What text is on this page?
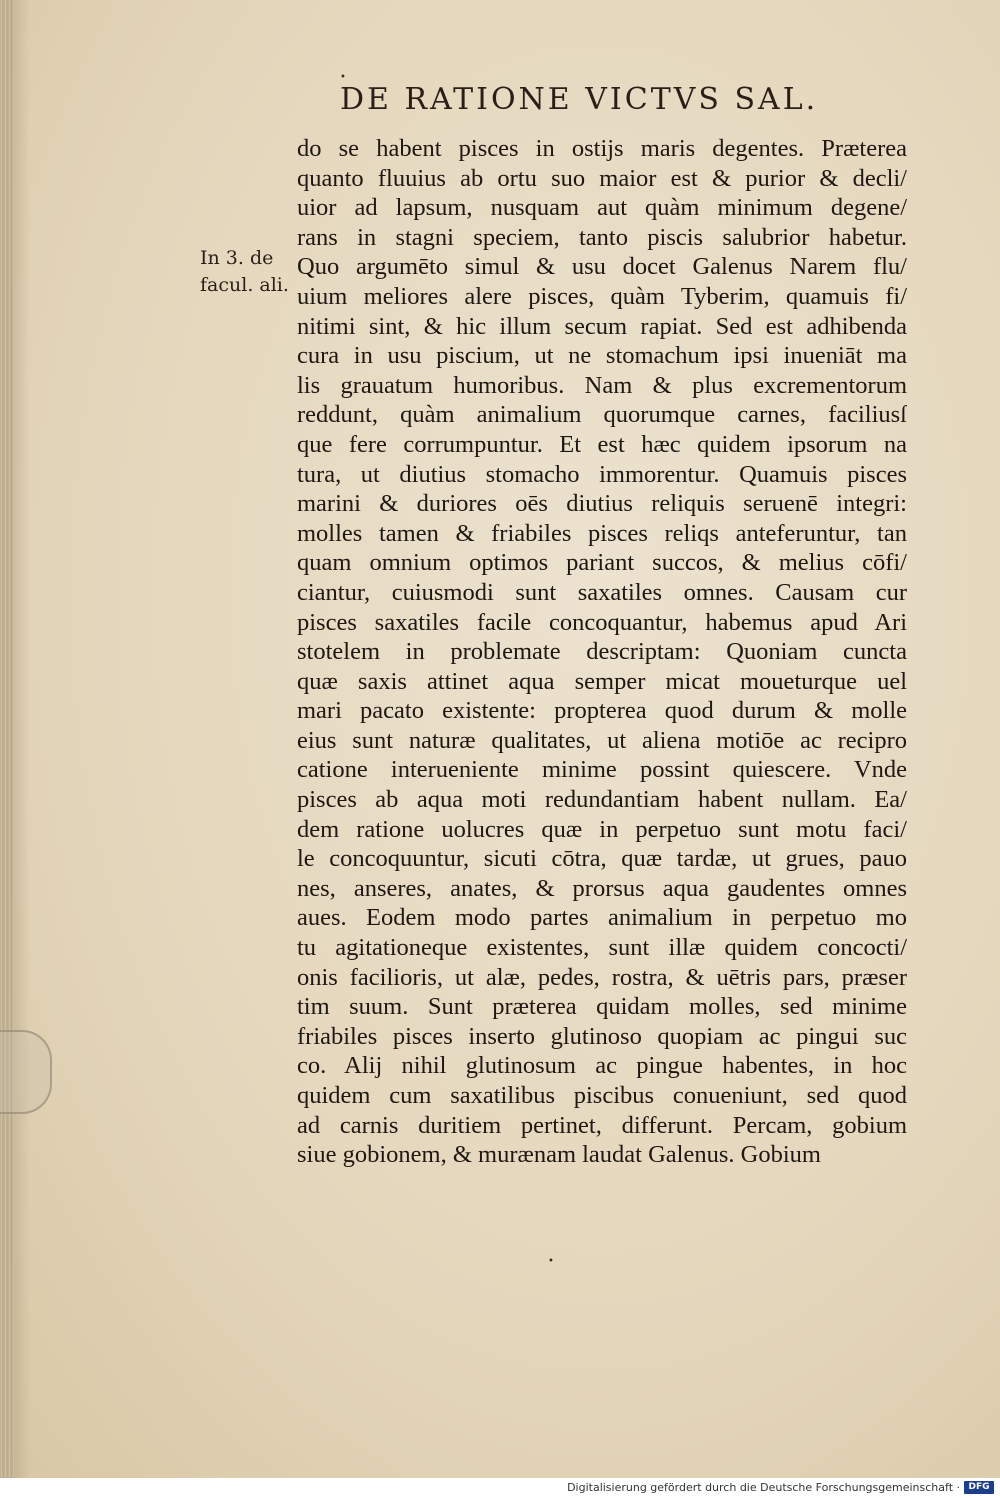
•
•
DE RATIONE VICTVS SAL.
In 3. de
facul. ali.
do se habent pisces in ostijs maris degentes. Præterea
quanto fluuius ab ortu suo maior est & purior & decli/
uior ad lapsum, nusquam aut quàm minimum degene/
rans in stagni speciem, tanto piscis salubrior habetur.
Quo argumēto simul & usu docet Galenus Narem flu/
uium meliores alere pisces, quàm Tyberim, quamuis fi/
nitimi sint, & hic illum secum rapiat. Sed est adhibenda
cura in usu piscium, ut ne stomachum ipsi inueniāt ma
lis grauatum humoribus. Nam & plus excrementorum
reddunt, quàm animalium quorumque carnes, faciliusſ
que fere corrumpuntur. Et est hæc quidem ipsorum na
tura, ut diutius stomacho immorentur. Quamuis pisces
marini & duriores oēs diutius reliquis seruenē integri:
molles tamen & friabiles pisces reliqs anteferuntur, tan
quam omnium optimos pariant succos, & melius cōfi/
ciantur, cuiusmodi sunt saxatiles omnes. Causam cur
pisces saxatiles facile concoquantur, habemus apud Ari
stotelem in problemate descriptam: Quoniam cuncta
quæ saxis attinet aqua semper micat moueturque uel
mari pacato existente: propterea quod durum & molle
eius sunt naturæ qualitates, ut aliena motiōe ac recipro
catione interueniente minime possint quiescere. Vnde
pisces ab aqua moti redundantiam habent nullam. Ea/
dem ratione uolucres quæ in perpetuo sunt motu faci/
le concoquuntur, sicuti cōtra, quæ tardæ, ut grues, pauo
nes, anseres, anates, & prorsus aqua gaudentes omnes
aues. Eodem modo partes animalium in perpetuo mo
tu agitationeque existentes, sunt illæ quidem concocti/
onis facilioris, ut alæ, pedes, rostra, & uētris pars, præser
tim suum. Sunt præterea quidam molles, sed minime
friabiles pisces inserto glutinoso quopiam ac pingui suc
co. Alij nihil glutinosum ac pingue habentes, in hoc
quidem cum saxatilibus piscibus conueniunt, sed quod
ad carnis duritiem pertinet, differunt. Percam, gobium
siue gobionem, & murænam laudat Galenus. Gobium
Digitalisierung gefördert durch die Deutsche Forschungsgemeinschaft · DFG
